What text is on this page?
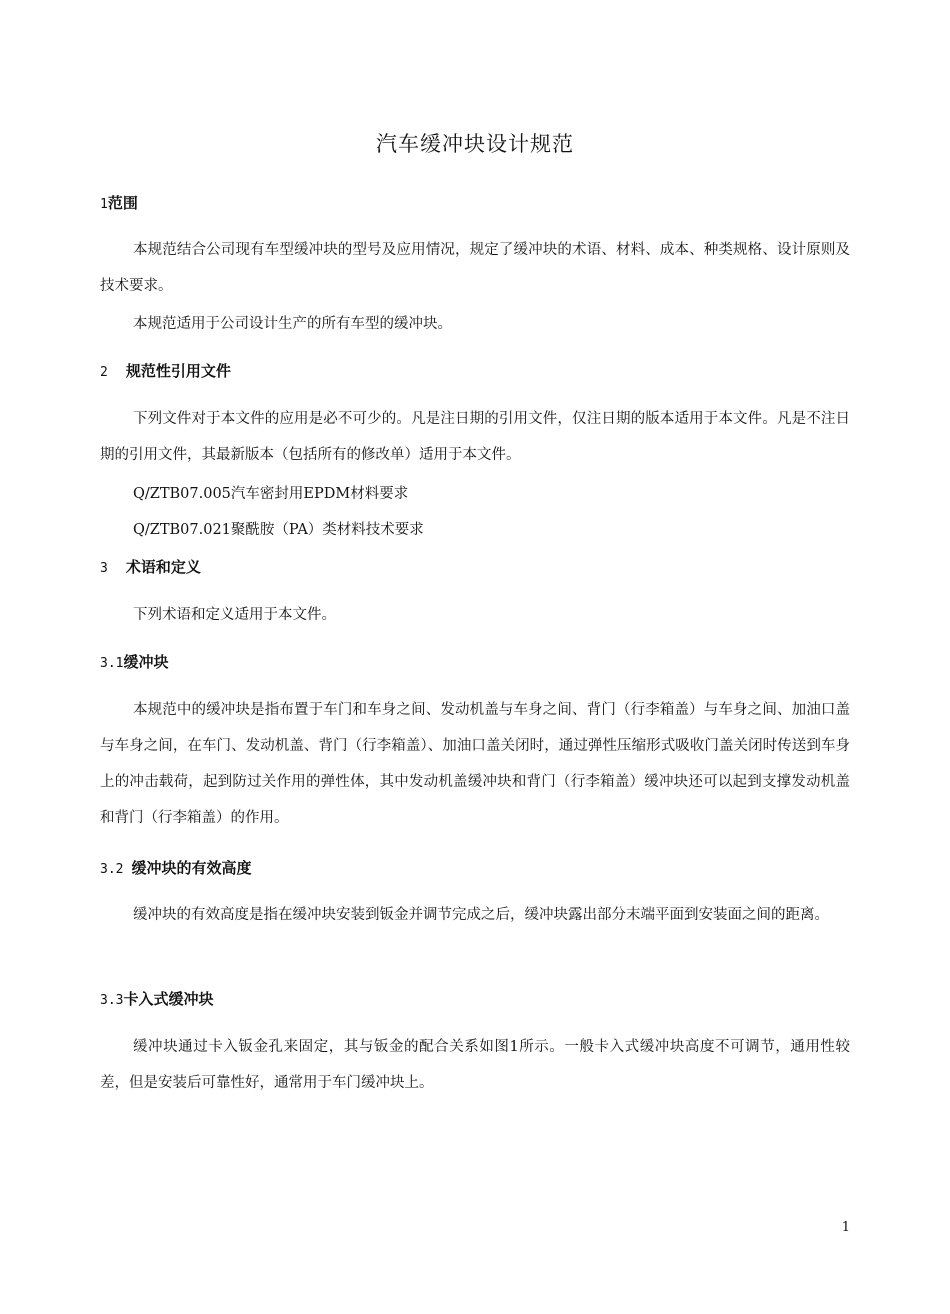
汽车缓冲块设计规范
1范围
本规范结合公司现有车型缓冲块的型号及应用情况，规定了缓冲块的术语、材料、成本、种类规格、设计原则及技术要求。
本规范适用于公司设计生产的所有车型的缓冲块。
2 规范性引用文件
下列文件对于本文件的应用是必不可少的。凡是注日期的引用文件，仅注日期的版本适用于本文件。凡是不注日期的引用文件，其最新版本（包括所有的修改单）适用于本文件。
Q/ZTB07.005汽车密封用EPDM材料要求
Q/ZTB07.021聚酰胺（PA）类材料技术要求
3 术语和定义
下列术语和定义适用于本文件。
3.1缓冲块
本规范中的缓冲块是指布置于车门和车身之间、发动机盖与车身之间、背门（行李箱盖）与车身之间、加油口盖与车身之间，在车门、发动机盖、背门（行李箱盖）、加油口盖关闭时，通过弹性压缩形式吸收门盖关闭时传送到车身上的冲击载荷，起到防过关作用的弹性体，其中发动机盖缓冲块和背门（行李箱盖）缓冲块还可以起到支撑发动机盖和背门（行李箱盖）的作用。
3.2 缓冲块的有效高度
缓冲块的有效高度是指在缓冲块安装到钣金并调节完成之后，缓冲块露出部分末端平面到安装面之间的距离。
3.3卡入式缓冲块
缓冲块通过卡入钣金孔来固定，其与钣金的配合关系如图1所示。一般卡入式缓冲块高度不可调节，通用性较差，但是安装后可靠性好，通常用于车门缓冲块上。
1
